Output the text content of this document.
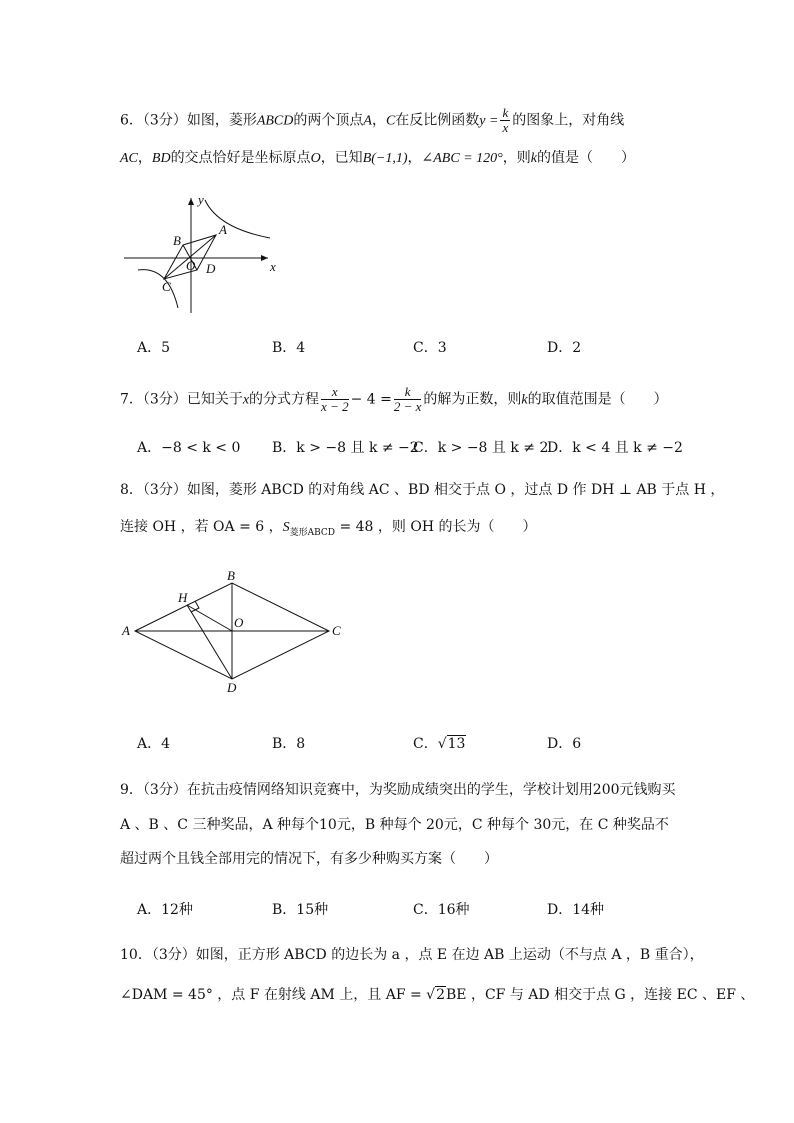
6．（3分）如图，菱形ABCD的两个顶点A，C在反比例函数$y = \frac{k}{x}$ 的图象上，对角线
AC，BD的交点恰好是坐标原点O，已知B(−1,1)，∠ABC = 120°，则k的值是（　　）
y
x
A
B
C
D
O
A．5	B．4	C．3	D．2
7．（3分）已知关于x的分式方程 $\frac{x}{x - 2} - 4 = \frac{k}{2 - x}$ 的解为正数，则k的取值范围是（　　）
A．−8 < k < 0 B．k > −8 且 k ≠ −2
C．k > −8 且 k ≠ 2
D．k < 4 且 k ≠ −2
8．（3分）如图，菱形 ABCD 的对角线 AC 、BD 相交于点 O ，过点 D 作 DH ⊥ AB 于点 H ，
连接 OH ，若 OA = 6 ，$S_{菱形ABCD} = 48$ ，则 OH 的长为（　　）
A
B
C
D
H
O
A．4	B．8	C．√13	D．6
9．（3分）在抗击疫情网络知识竞赛中，为奖励成绩突出的学生，学校计划用200元钱购买
A 、B 、C 三种奖品，A 种每个10元，B 种每个 20元，C 种每个 30元，在 C 种奖品不
超过两个且钱全部用完的情况下，有多少种购买方案（　　）
A．12种	B．15种	C．16种	D．14种
10．（3分）如图，正方形 ABCD 的边长为 a ，点 E 在边 AB 上运动（不与点 A ，B 重合），
∠DAM = 45° ，点 F 在射线 AM 上，且 AF = √2BE ，CF 与 AD 相交于点 G ，连接 EC 、EF 、
